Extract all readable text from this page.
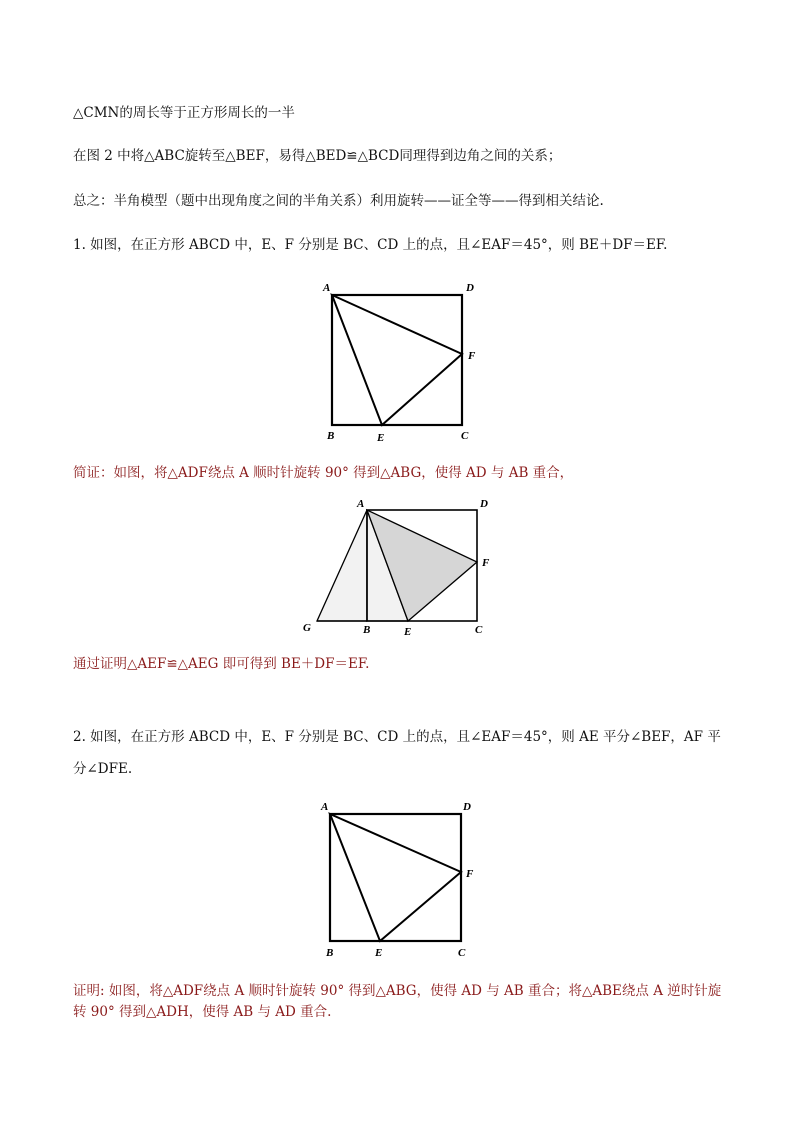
△CMN的周长等于正方形周长的一半
在图 2 中将△ABC旋转至△BEF，易得△BED≌△BCD同理得到边角之间的关系；
总之：半角模型（题中出现角度之间的半角关系）利用旋转——证全等——得到相关结论.
1. 如图，在正方形 ABCD 中，E、F 分别是 BC、CD 上的点，且∠EAF＝45°，则 BE＋DF＝EF.
A	D
F
B	E	C
简证：如图，将△ADF绕点 A 顺时针旋转 90° 得到△ABG，使得 AD 与 AB 重合，
A	D
F
G	B	E	C
通过证明△AEF≌△AEG 即可得到 BE＋DF＝EF.
2. 如图，在正方形 ABCD 中，E、F 分别是 BC、CD 上的点，且∠EAF＝45°，则 AE 平分∠BEF，AF 平
分∠DFE.
A	D
F
B	E	C
证明: 如图，将△ADF绕点 A 顺时针旋转 90° 得到△ABG，使得 AD 与 AB 重合；将△ABE绕点 A 逆时针旋
转 90° 得到△ADH，使得 AB 与 AD 重合.
